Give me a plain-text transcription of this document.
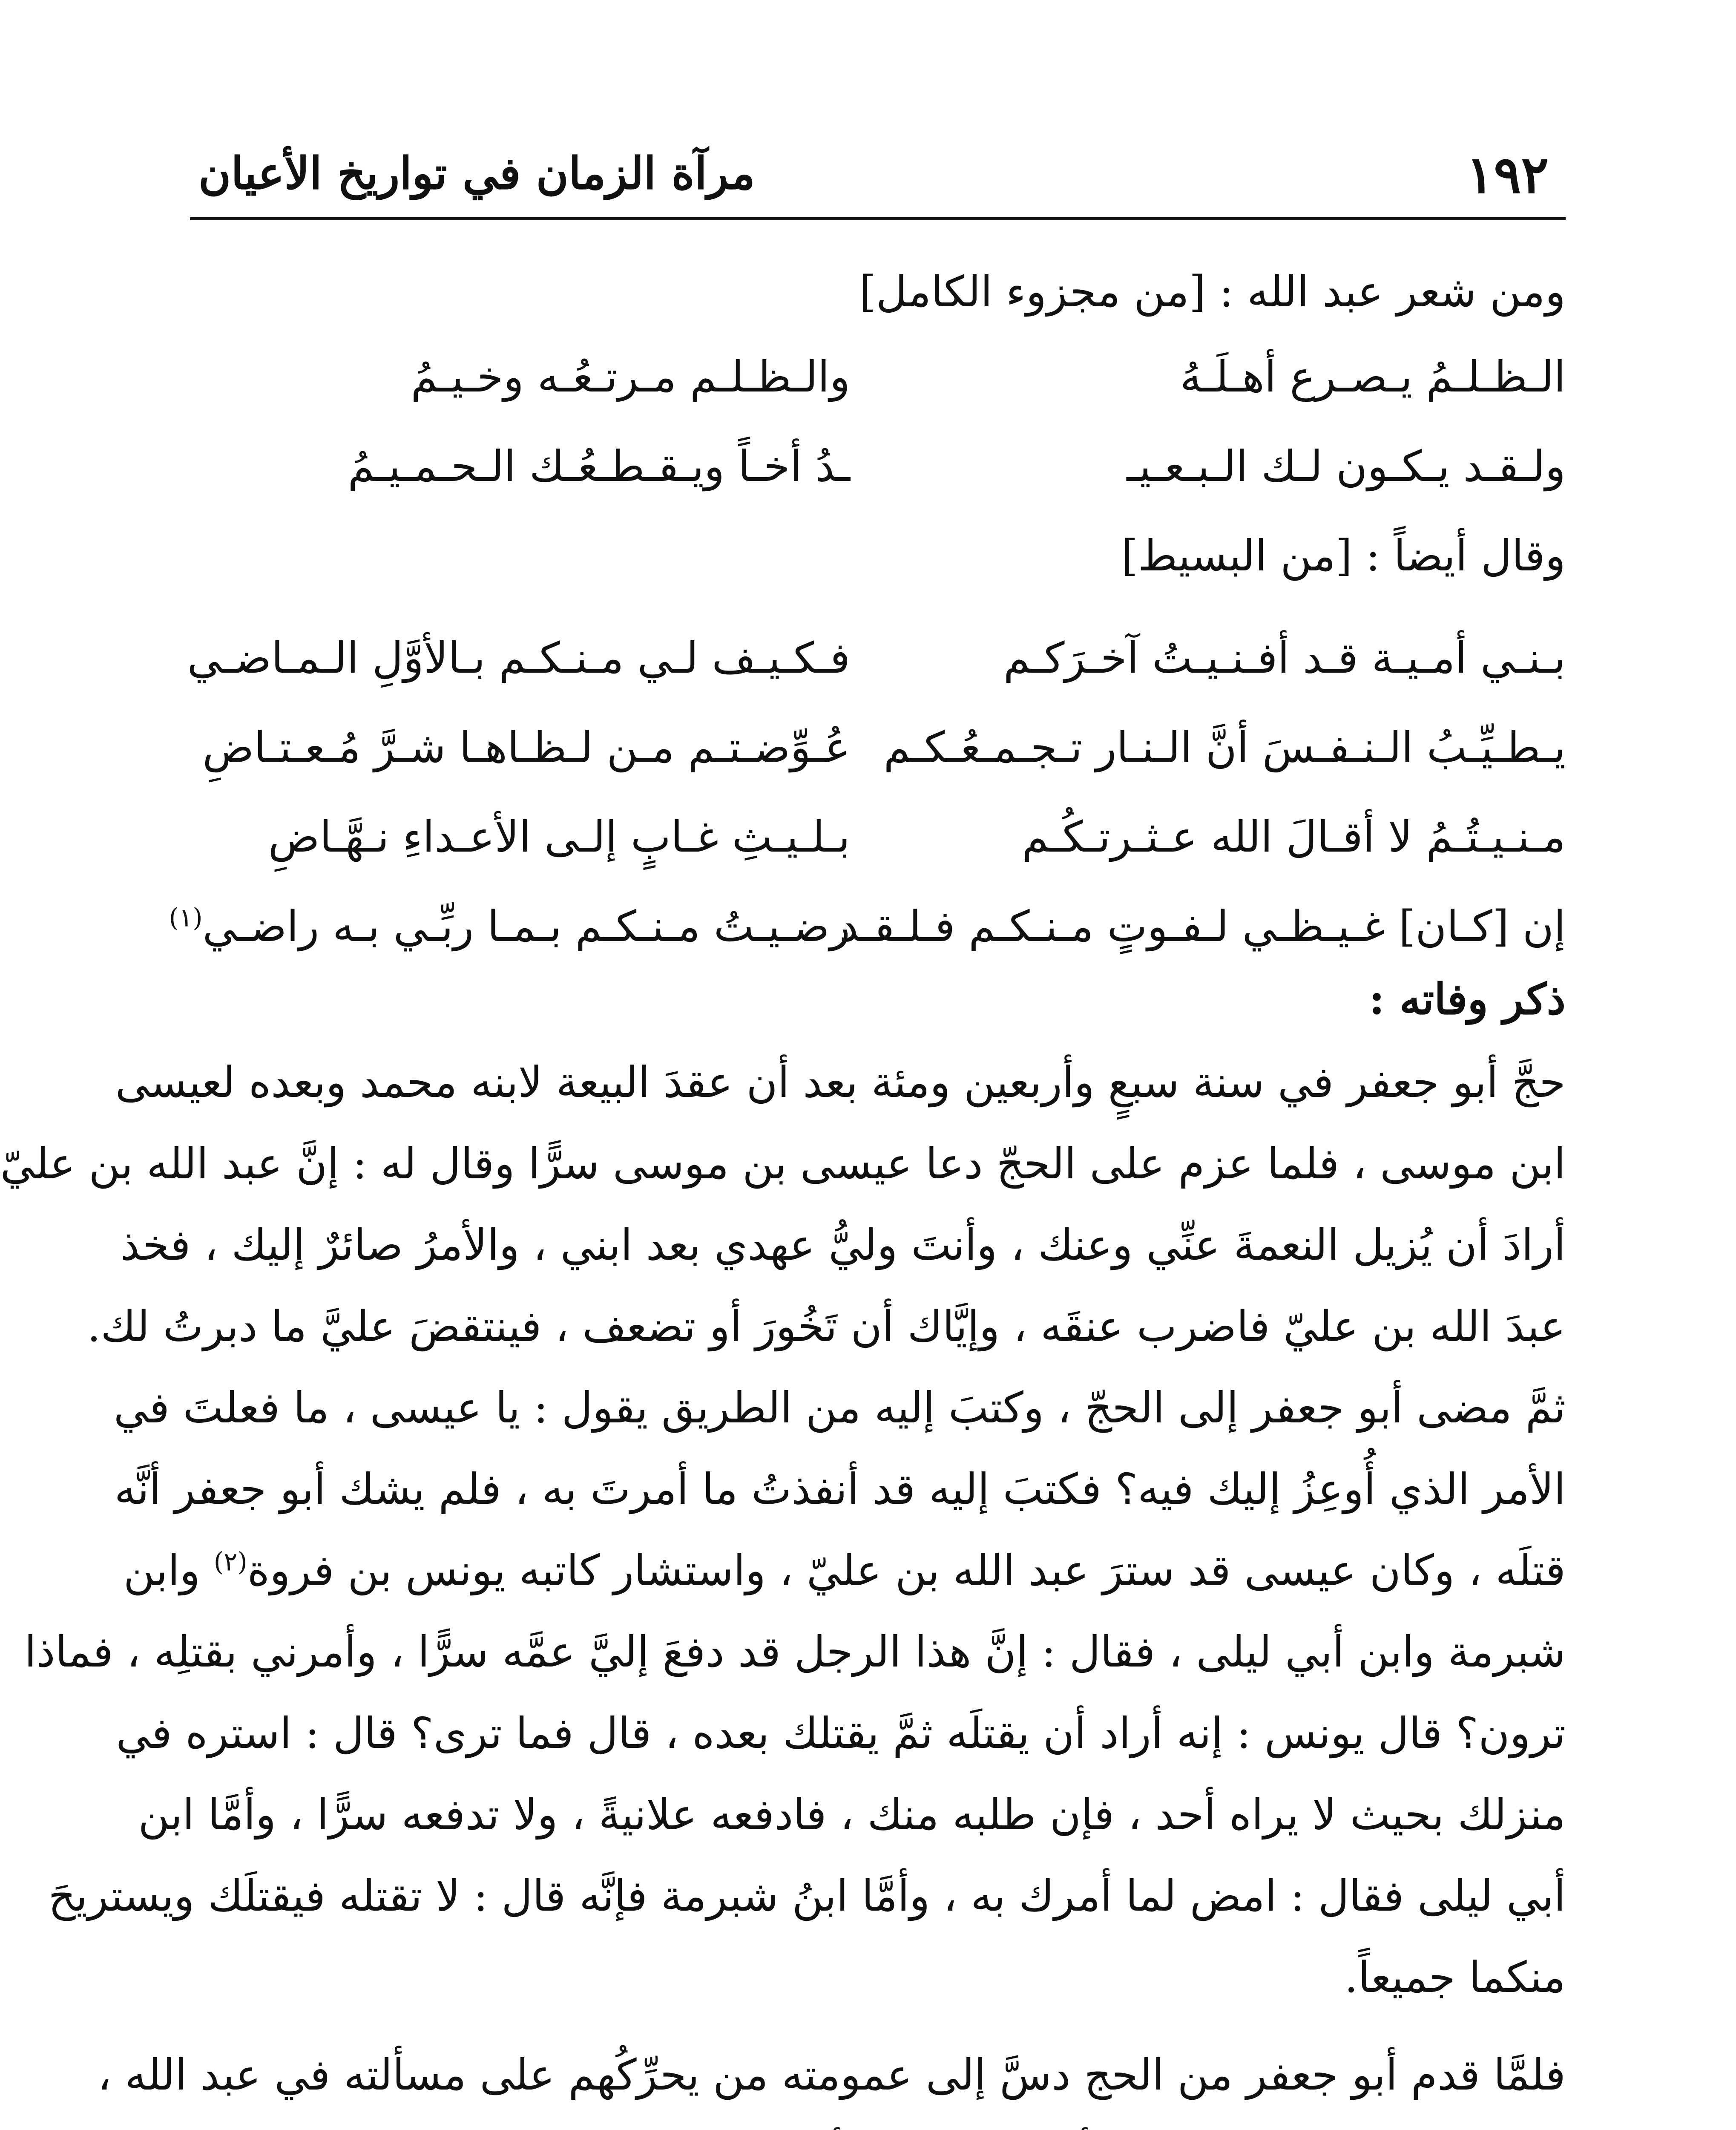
١٩٢
مرآة الزمان في تواريخ الأعيان
ومن شعر عبد الله : [من مجزوء الكامل]
الـظـلـمُ يـصـرع أهـلَـهُ
والـظـلـم مـرتـعُـه وخـيـمُ
ولـقـد يـكـون لـك الـبـعـيـ
ـدُ أخـاً ويـقـطـعُـك الـحـمـيـمُ
وقال أيضاً : [من البسيط]
بـنـي أمـيـة قـد أفـنـيـتُ آخـرَكـم
فـكـيـف لـي مـنـكـم بـالأوَّلِ الـمـاضـي
يـطـيِّـبُ الـنـفـسَ أنَّ الـنـار تـجـمـعُـكـم
عُـوِّضـتـم مـن لـظـاهـا شـرَّ مُـعـتـاضِ
مـنـيـتُـمُ لا أقـالَ الله عـثـرتـكُـم
بـلـيـثِ غـابٍ إلـى الأعـداءِ نـهَّـاضِ
إن [كـان] غـيـظـي لـفـوتٍ مـنـكـم فـلـقـد
رضـيـتُ مـنـكـم بـمـا ربِّـي بـه راضـي$^{(١)}$
ذكر وفاته :
حجَّ أبو جعفر في سنة سبعٍ وأربعين ومئة بعد أن عقدَ البيعة لابنه محمد وبعده لعيسى
ابن موسى ، فلما عزم على الحجّ دعا عيسى بن موسى سرًّا وقال له : إنَّ عبد الله بن عليّ
أرادَ أن يُزيل النعمةَ عنِّي وعنك ، وأنتَ وليُّ عهدي بعد ابني ، والأمرُ صائرٌ إليك ، فخذ
عبدَ الله بن عليّ فاضرب عنقَه ، وإيَّاك أن تَخُورَ أو تضعف ، فينتقضَ عليَّ ما دبرتُ لك.
ثمَّ مضى أبو جعفر إلى الحجّ ، وكتبَ إليه من الطريق يقول : يا عيسى ، ما فعلتَ في
الأمر الذي أُوعِزُ إليك فيه؟ فكتبَ إليه قد أنفذتُ ما أمرتَ به ، فلم يشك أبو جعفر أنَّه
قتلَه ، وكان عيسى قد سترَ عبد الله بن عليّ ، واستشار كاتبه يونس بن فروة$^{(٢)}$ وابن
شبرمة وابن أبي ليلى ، فقال : إنَّ هذا الرجل قد دفعَ إليَّ عمَّه سرًّا ، وأمرني بقتلِه ، فماذا
ترون؟ قال يونس : إنه أراد أن يقتلَه ثمَّ يقتلك بعده ، قال فما ترى؟ قال : استره في
منزلك بحيث لا يراه أحد ، فإن طلبه منك ، فادفعه علانيةً ، ولا تدفعه سرًّا ، وأمَّا ابن
أبي ليلى فقال : امض لما أمرك به ، وأمَّا ابنُ شبرمة فإنَّه قال : لا تقتله فيقتلَك ويستريحَ
منكما جميعاً.
فلمَّا قدم أبو جعفر من الحج دسَّ إلى عمومته من يحرِّكُهم على مسألته في عبد الله ،
